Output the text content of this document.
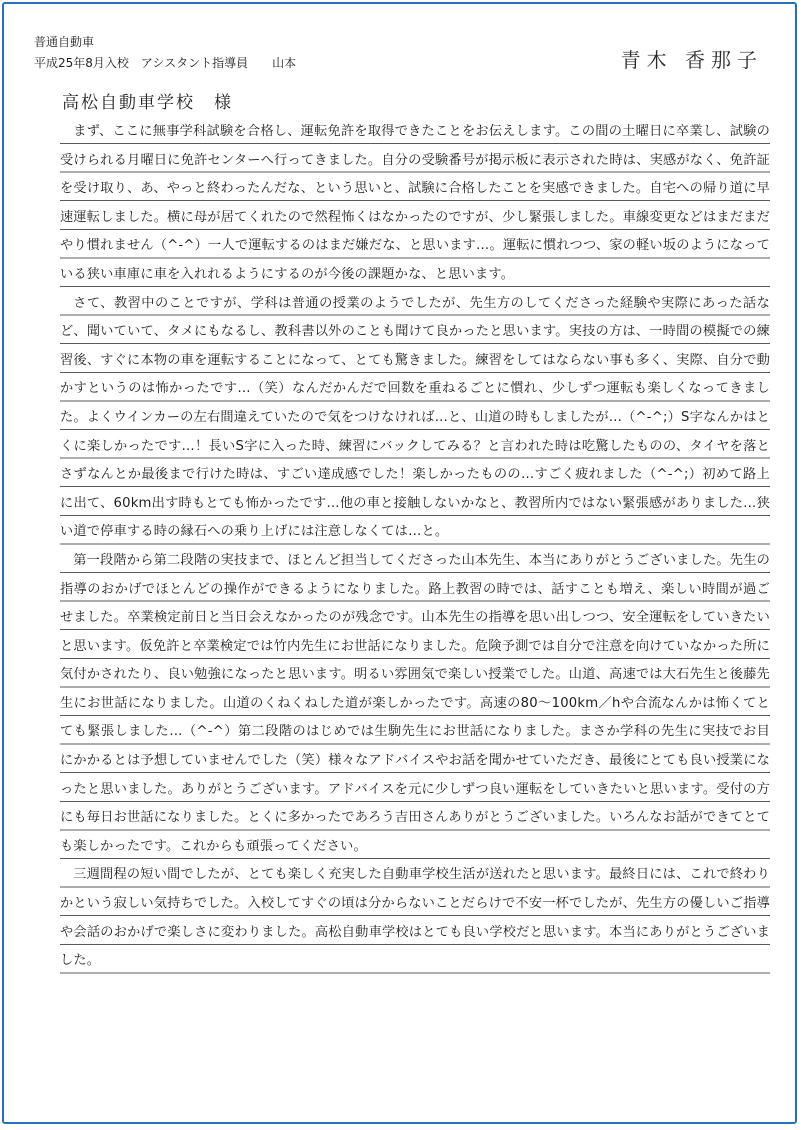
普通自動車
平成25年8月入校　アシスタント指導員　　山本	青木 香那子
高松自動車学校　様

まず、ここに無事学科試験を合格し、運転免許を取得できたことをお伝えします。この間の土曜日に卒業し、試験の受けられる月曜日に免許センターへ行ってきました。自分の受験番号が掲示板に表示された時は、実感がなく、免許証を受け取り、あ、やっと終わったんだな、という思いと、試験に合格したことを実感できました。自宅への帰り道に早速運転しました。横に母が居てくれたので然程怖くはなかったのですが、少し緊張しました。車線変更などはまだまだやり慣れません（^-^）一人で運転するのはまだ嫌だな、と思います…。運転に慣れつつ、家の軽い坂のようになっている狭い車庫に車を入れれるようにするのが今後の課題かな、と思います。

さて、教習中のことですが、学科は普通の授業のようでしたが、先生方のしてくださった経験や実際にあった話など、聞いていて、タメにもなるし、教科書以外のことも聞けて良かったと思います。実技の方は、一時間の模擬での練習後、すぐに本物の車を運転することになって、とても驚きました。練習をしてはならない事も多く、実際、自分で動かすというのは怖かったです…（笑）なんだかんだで回数を重ねるごとに慣れ、少しずつ運転も楽しくなってきました。よくウインカーの左右間違えていたので気をつけなければ…と、山道の時もしましたが…（^-^;）S字なんかはとくに楽しかったです…！長いS字に入った時、練習にバックしてみる？と言われた時は吃驚したものの、タイヤを落とさずなんとか最後まで行けた時は、すごい達成感でした！楽しかったものの…すごく疲れました（^-^;）初めて路上に出て、60km出す時もとても怖かったです…他の車と接触しないかなと、教習所内ではない緊張感がありました…狭い道で停車する時の縁石への乗り上げには注意しなくては…と。

第一段階から第二段階の実技まで、ほとんど担当してくださった山本先生、本当にありがとうございました。先生の指導のおかげでほとんどの操作ができるようになりました。路上教習の時では、話すことも増え、楽しい時間が過ごせました。卒業検定前日と当日会えなかったのが残念です。山本先生の指導を思い出しつつ、安全運転をしていきたいと思います。仮免許と卒業検定では竹内先生にお世話になりました。危険予測では自分で注意を向けていなかった所に気付かされたり、良い勉強になったと思います。明るい雰囲気で楽しい授業でした。山道、高速では大石先生と後藤先生にお世話になりました。山道のくねくねした道が楽しかったです。高速の80～100km／hや合流なんかは怖くてとても緊張しました…（^-^）第二段階のはじめでは生駒先生にお世話になりました。まさか学科の先生に実技でお目にかかるとは予想していませんでした（笑）様々なアドバイスやお話を聞かせていただき、最後にとても良い授業になったと思いました。ありがとうございます。アドバイスを元に少しずつ良い運転をしていきたいと思います。受付の方にも毎日お世話になりました。とくに多かったであろう吉田さんありがとうございました。いろんなお話ができてとても楽しかったです。これからも頑張ってください。

三週間程の短い間でしたが、とても楽しく充実した自動車学校生活が送れたと思います。最終日には、これで終わりかという寂しい気持ちでした。入校してすぐの頃は分からないことだらけで不安一杯でしたが、先生方の優しいご指導や会話のおかげで楽しさに変わりました。高松自動車学校はとても良い学校だと思います。本当にありがとうございました。
